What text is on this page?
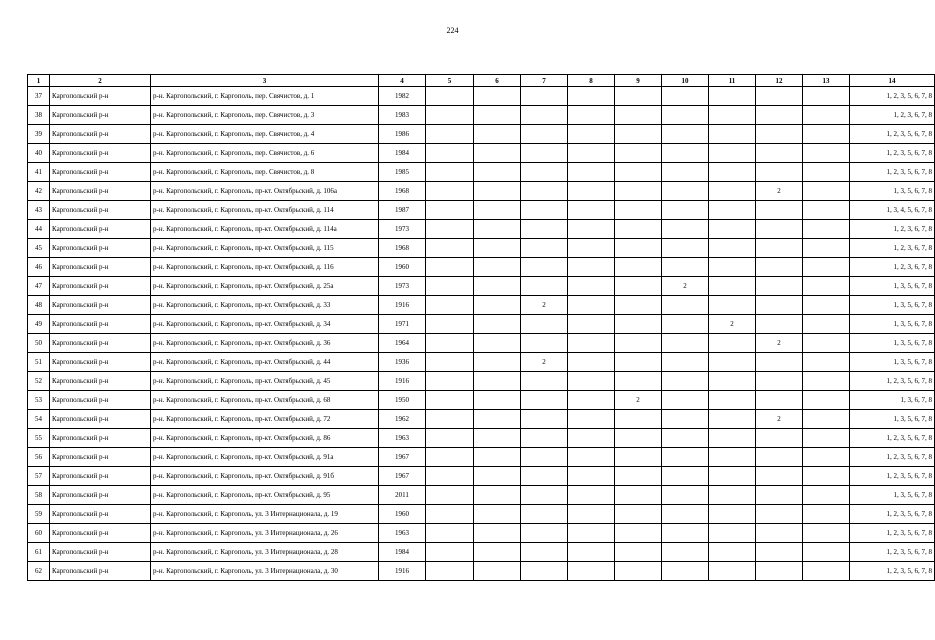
224
1	2	3	4	5	6	7	8	9	10	11	12	13	14
37	Каргопольский р-н	р-н. Каргопольский, г. Каргополь, пер. Свячистов, д. 1	1982										1, 2, 3, 5, 6, 7, 8
38	Каргопольский р-н	р-н. Каргопольский, г. Каргополь, пер. Свячистов, д. 3	1983										1, 2, 3, 6, 7, 8
39	Каргопольский р-н	р-н. Каргопольский, г. Каргополь, пер. Свячистов, д. 4	1986										1, 2, 3, 5, 6, 7, 8
40	Каргопольский р-н	р-н. Каргопольский, г. Каргополь, пер. Свячистов, д. 6	1984										1, 2, 3, 5, 6, 7, 8
41	Каргопольский р-н	р-н. Каргопольский, г. Каргополь, пер. Свячистов, д. 8	1985										1, 2, 3, 5, 6, 7, 8
42	Каргопольский р-н	р-н. Каргопольский, г. Каргополь, пр-кт. Октябрьский, д. 106а	1968								2		1, 3, 5, 6, 7, 8
43	Каргопольский р-н	р-н. Каргопольский, г. Каргополь, пр-кт. Октябрьский, д. 114	1987										1, 3, 4, 5, 6, 7, 8
44	Каргопольский р-н	р-н. Каргопольский, г. Каргополь, пр-кт. Октябрьский, д. 114а	1973										1, 2, 3, 6, 7, 8
45	Каргопольский р-н	р-н. Каргопольский, г. Каргополь, пр-кт. Октябрьский, д. 115	1968										1, 2, 3, 6, 7, 8
46	Каргопольский р-н	р-н. Каргопольский, г. Каргополь, пр-кт. Октябрьский, д. 116	1960										1, 2, 3, 6, 7, 8
47	Каргопольский р-н	р-н. Каргопольский, г. Каргополь, пр-кт. Октябрьский, д. 25а	1973						2				1, 3, 5, 6, 7, 8
48	Каргопольский р-н	р-н. Каргопольский, г. Каргополь, пр-кт. Октябрьский, д. 33	1916			2							1, 3, 5, 6, 7, 8
49	Каргопольский р-н	р-н. Каргопольский, г. Каргополь, пр-кт. Октябрьский, д. 34	1971							2			1, 3, 5, 6, 7, 8
50	Каргопольский р-н	р-н. Каргопольский, г. Каргополь, пр-кт. Октябрьский, д. 36	1964								2		1, 3, 5, 6, 7, 8
51	Каргопольский р-н	р-н. Каргопольский, г. Каргополь, пр-кт. Октябрьский, д. 44	1936			2							1, 3, 5, 6, 7, 8
52	Каргопольский р-н	р-н. Каргопольский, г. Каргополь, пр-кт. Октябрьский, д. 45	1916										1, 2, 3, 5, 6, 7, 8
53	Каргопольский р-н	р-н. Каргопольский, г. Каргополь, пр-кт. Октябрьский, д. 68	1950					2					1, 3, 6, 7, 8
54	Каргопольский р-н	р-н. Каргопольский, г. Каргополь, пр-кт. Октябрьский, д. 72	1962								2		1, 3, 5, 6, 7, 8
55	Каргопольский р-н	р-н. Каргопольский, г. Каргополь, пр-кт. Октябрьский, д. 86	1963										1, 2, 3, 5, 6, 7, 8
56	Каргопольский р-н	р-н. Каргопольский, г. Каргополь, пр-кт. Октябрьский, д. 91а	1967										1, 2, 3, 5, 6, 7, 8
57	Каргопольский р-н	р-н. Каргопольский, г. Каргополь, пр-кт. Октябрьский, д. 91б	1967										1, 2, 3, 5, 6, 7, 8
58	Каргопольский р-н	р-н. Каргопольский, г. Каргополь, пр-кт. Октябрьский, д. 95	2011										1, 3, 5, 6, 7, 8
59	Каргопольский р-н	р-н. Каргопольский, г. Каргополь, ул. 3 Интернационала, д. 19	1960										1, 2, 3, 5, 6, 7, 8
60	Каргопольский р-н	р-н. Каргопольский, г. Каргополь, ул. 3 Интернационала, д. 26	1963										1, 2, 3, 5, 6, 7, 8
61	Каргопольский р-н	р-н. Каргопольский, г. Каргополь, ул. 3 Интернационала, д. 28	1984										1, 2, 3, 5, 6, 7, 8
62	Каргопольский р-н	р-н. Каргопольский, г. Каргополь, ул. 3 Интернационала, д. 30	1916										1, 2, 3, 5, 6, 7, 8
